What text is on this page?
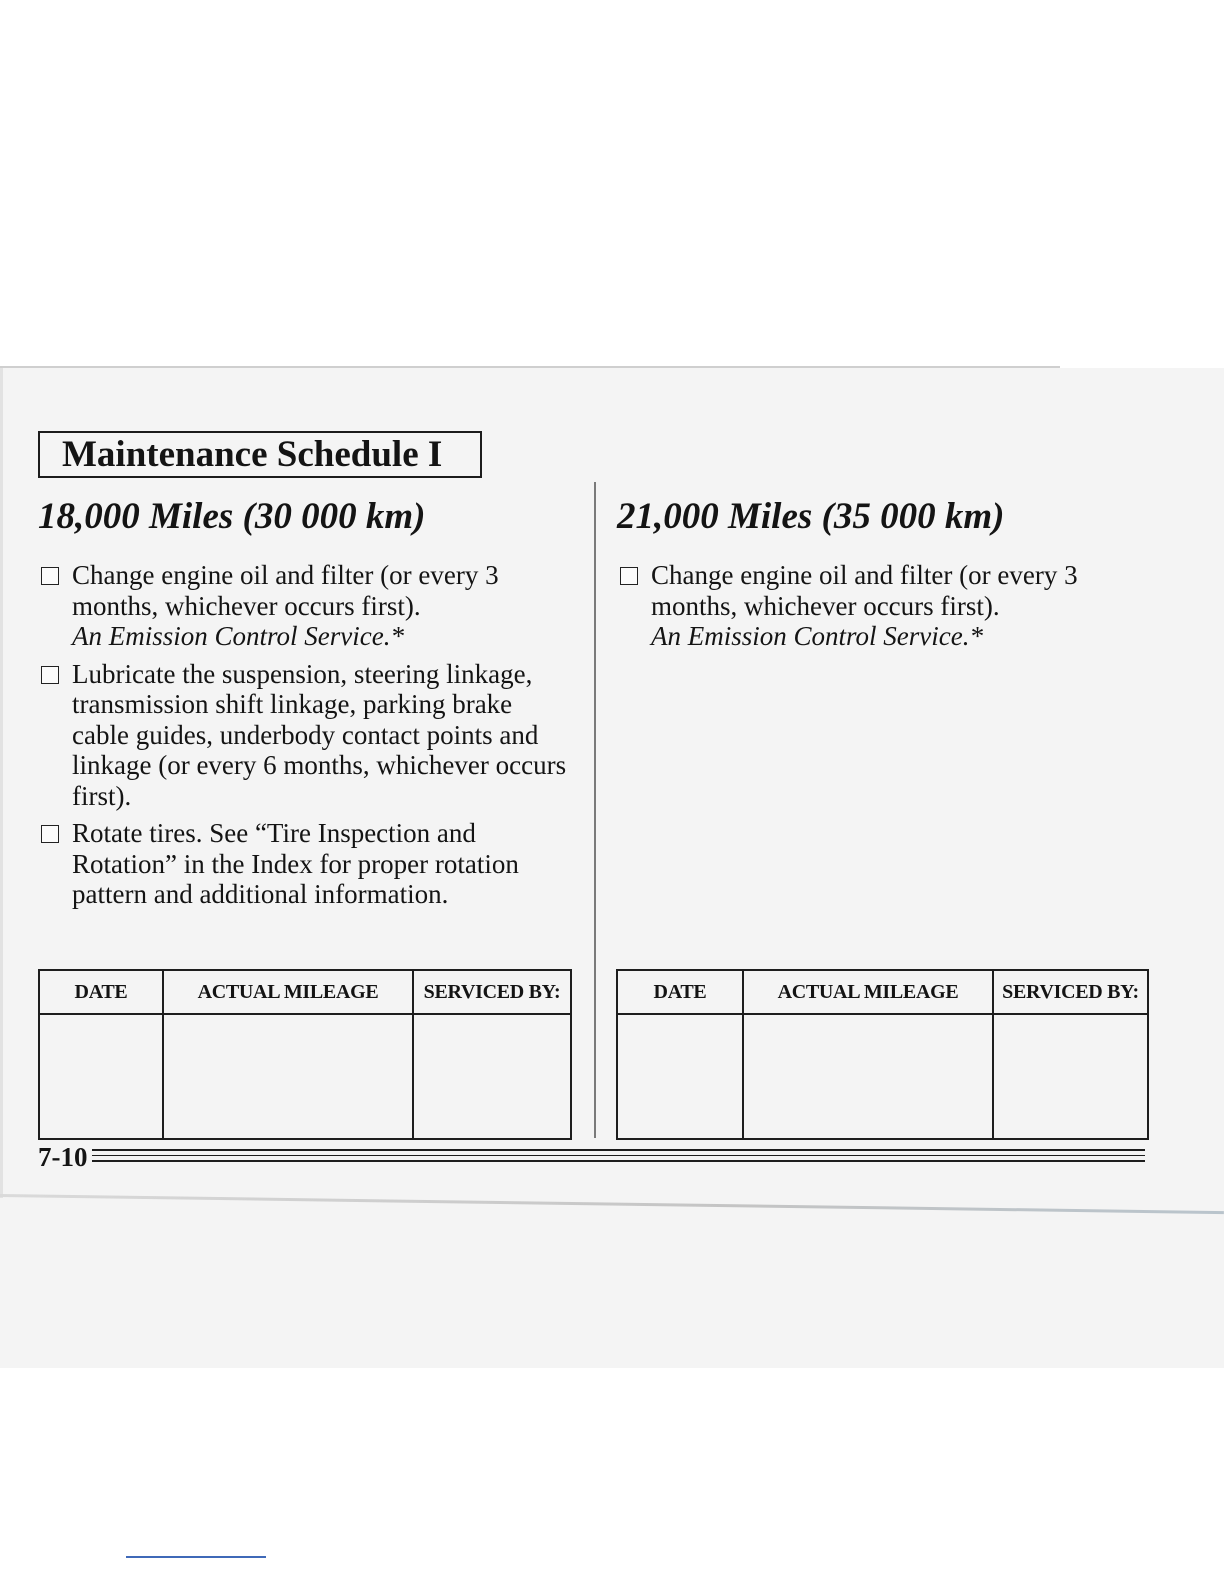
Maintenance Schedule I
18,000 Miles (30 000 km)
Change engine oil and filter (or every 3 months, whichever occurs first).
An Emission Control Service.*
Lubricate the suspension, steering linkage, transmission shift linkage, parking brake cable guides, underbody contact points and linkage (or every 6 months, whichever occurs first).
Rotate tires. See “Tire Inspection and Rotation” in the Index for proper rotation pattern and additional information.
21,000 Miles (35 000 km)
Change engine oil and filter (or every 3 months, whichever occurs first).
An Emission Control Service.*
DATE	ACTUAL MILEAGE	SERVICED BY:
			DATE	ACTUAL MILEAGE	SERVICED BY:

7-10
